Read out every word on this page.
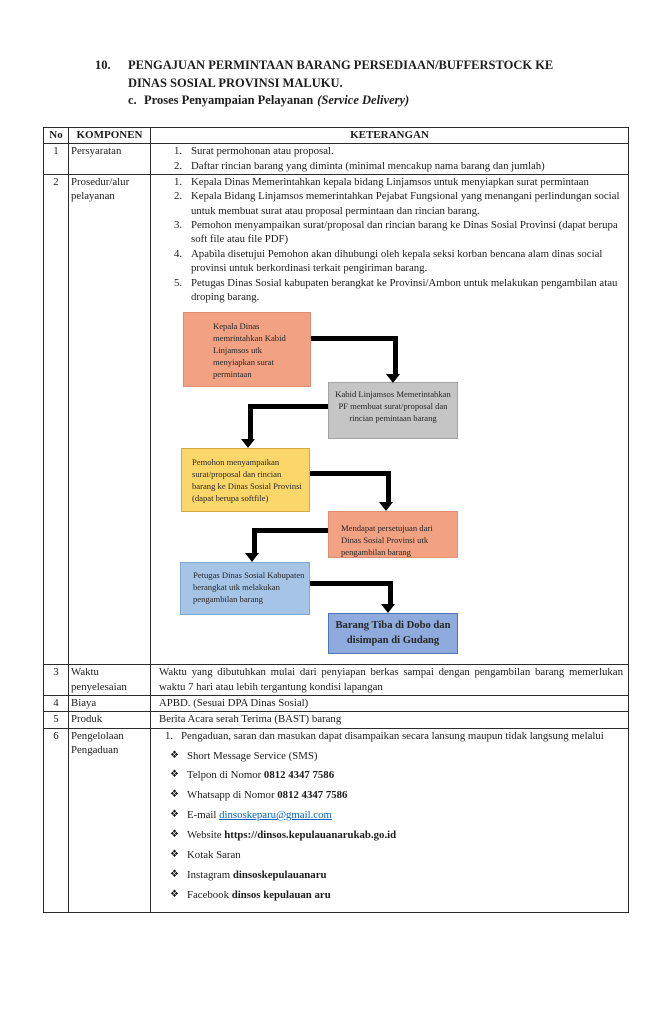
10.	PENGAJUAN PERMINTAAN BARANG PERSEDIAAN/BUFFERSTOCK KE
DINAS SOSIAL PROVINSI MALUKU.
c. Proses Penyampaian Pelayanan (Service Delivery)
No	KOMPONEN	KETERANGAN
1	Persyaratan	1. Surat permohonan atau proposal.
2. Daftar rincian barang yang diminta (minimal mencakup nama barang dan jumlah)

2	Prosedur/alur pelayanan	
1. Kepala Dinas Memerintahkan kepala bidang Linjamsos untuk menyiapkan surat permintaan
2. Kepala Bidang Linjamsos memerintahkan Pejabat Fungsional yang menangani perlindungan social untuk membuat surat atau proposal permintaan dan rincian barang.
3. Pemohon menyampaikan surat/proposal dan rincian barang ke Dinas Sosial Provinsi (dapat berupa soft file atau file PDF)
4. Apabila disetujui Pemohon akan dihubungi oleh kepala seksi korban bencana alam dinas social provinsi untuk berkordinasi terkait pengiriman barang.
5. Petugas Dinas Sosial kabupaten berangkat ke Provinsi/Ambon untuk melakukan pengambilan atau droping barang.
Kepala Dinas memrintahkan Kabid Linjamsos utk menyiapkan surat permintaan
Kabid Linjamsos Memerintahkan PF membuat surat/proposal dan rincian pemintaan barang
Pemohon menyampaikan surat/proposal dan rincian barang ke Dinas Sosial Provinsi (dapat berupa softfile)
Mendapat persetujuan dari Dinas Sosial Provinsi utk pengambilan barang
Petugas Dinas Sosial Kabupaten berangkat utk melakukan pengambilan barang
Barang Tiba di Dobo dan disimpan di Gudang

3	Waktu penyelesaian	Waktu yang dibutuhkan mulai dari penyiapan berkas sampai dengan pengambilan barang memerlukan waktu 7 hari atau lebih tergantung kondisi lapangan

4	Biaya	APBD. (Sesuai DPA Dinas Sosial)

5	Produk	Berita Acara serah Terima (BAST) barang

6	Pengelolaan Pengaduan	
1. Pengaduan, saran dan masukan dapat disampaikan secara lansung maupun tidak langsung melalui
❖ Short Message Service (SMS)
❖ Telpon di Nomor 0812 4347 7586
❖ Whatsapp di Nomor 0812 4347 7586
❖ E-mail dinsoskeparu@gmail.com
❖ Website https://dinsos.kepulauanarukab.go.id
❖ Kotak Saran
❖ Instagram dinsoskepulauanaru
❖ Facebook dinsos kepulauan aru
